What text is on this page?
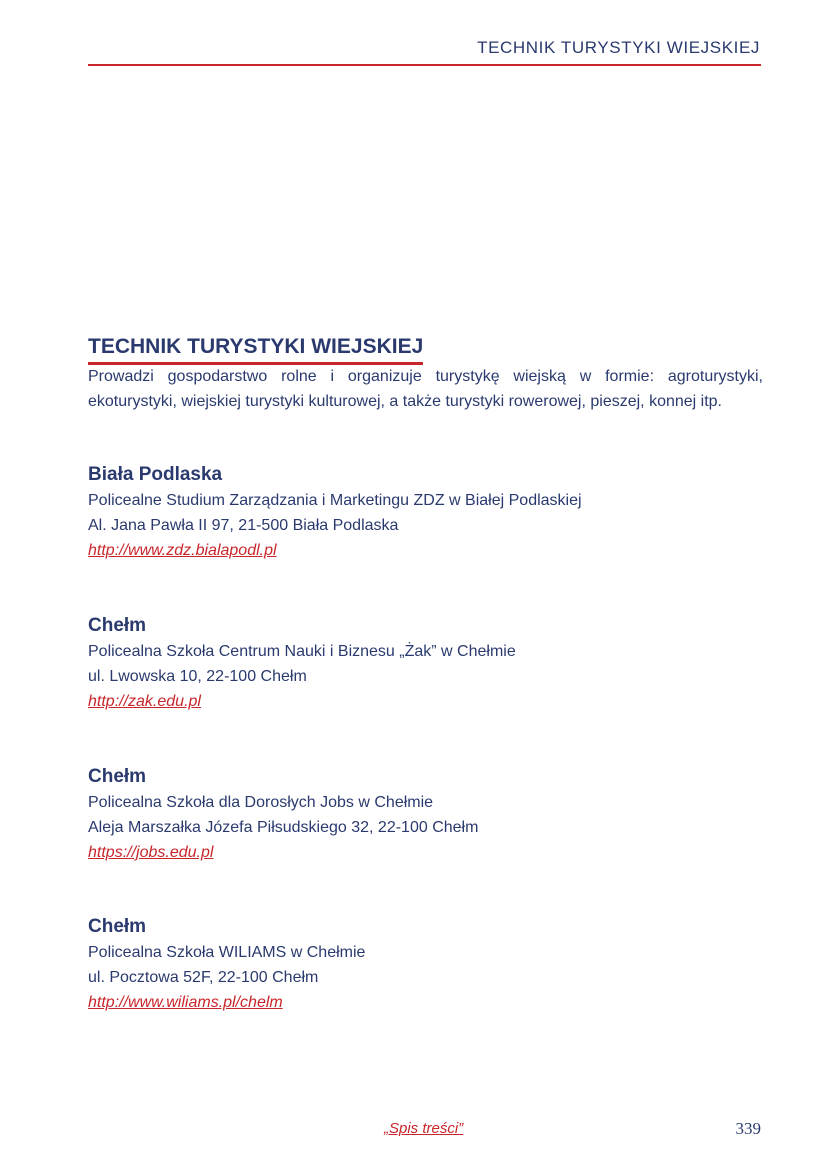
TECHNIK TURYSTYKI WIEJSKIEJ
TECHNIK TURYSTYKI WIEJSKIEJ
Prowadzi gospodarstwo rolne i organizuje turystykę wiejską w formie: agroturystyki, ekoturystyki, wiejskiej turystyki kulturowej, a także turystyki rowerowej, pieszej, konnej itp.
Biała Podlaska
Policealne Studium Zarządzania i Marketingu ZDZ w Białej Podlaskiej
Al. Jana Pawła II 97, 21-500 Biała Podlaska
http://www.zdz.bialapodl.pl
Chełm
Policealna Szkoła Centrum Nauki i Biznesu „Żak” w Chełmie
ul. Lwowska 10, 22-100 Chełm
http://zak.edu.pl
Chełm
Policealna Szkoła dla Dorosłych Jobs w Chełmie
Aleja Marszałka Józefa Piłsudskiego 32, 22-100 Chełm
https://jobs.edu.pl
Chełm
Policealna Szkoła WILIAMS w Chełmie
ul. Pocztowa 52F, 22-100 Chełm
http://www.wiliams.pl/chelm
„Spis treści”	339
